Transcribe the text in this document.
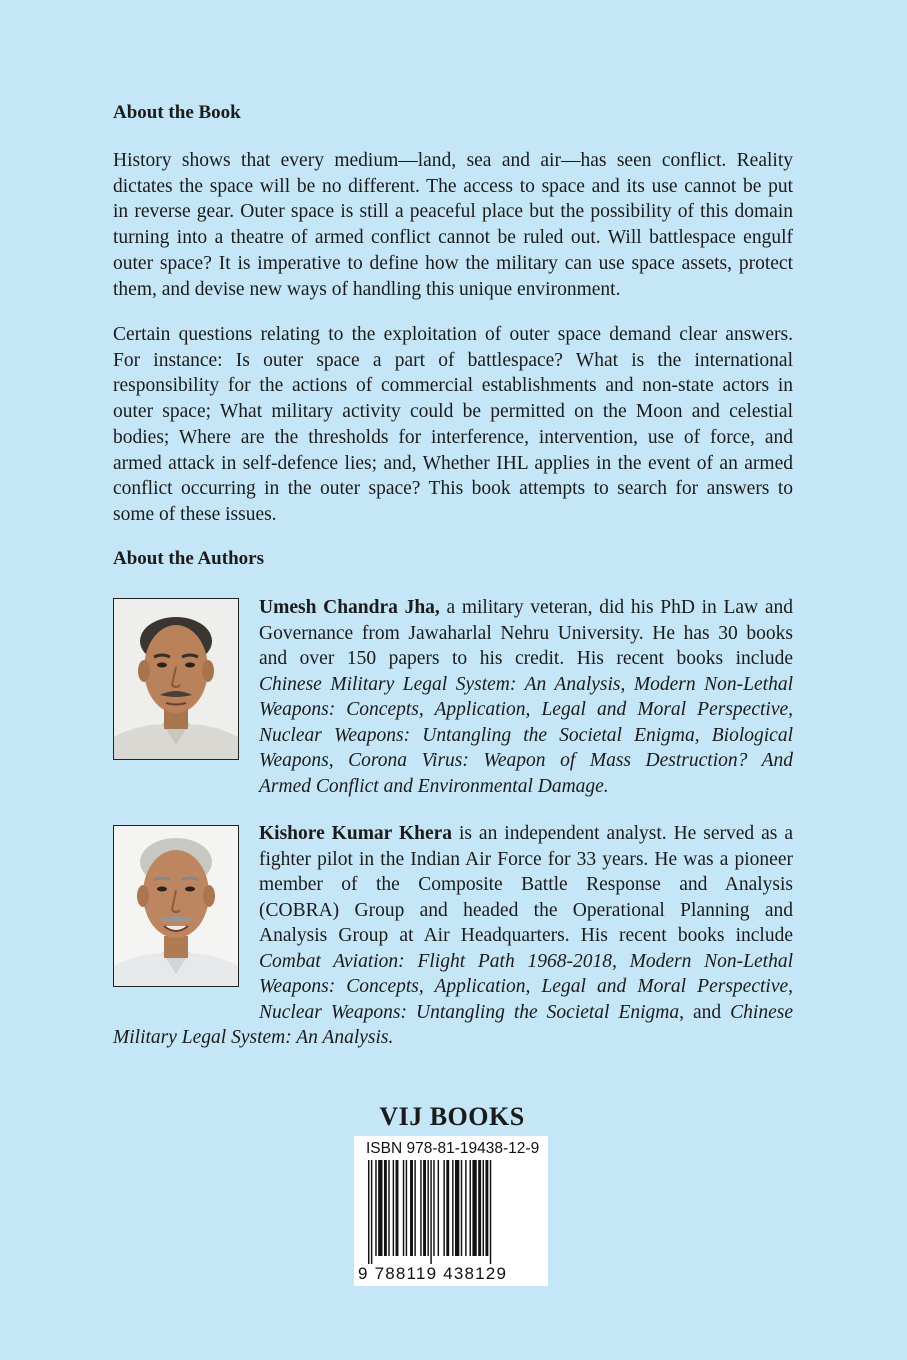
About the Book
History shows that every medium—land, sea and air—has seen conflict. Reality
dictates the space will be no different. The access to space and its use cannot be put
in reverse gear. Outer space is still a peaceful place but the possibility of this domain
turning into a theatre of armed conflict cannot be ruled out. Will battlespace engulf
outer space? It is imperative to define how the military can use space assets, protect
them, and devise new ways of handling this unique environment.
Certain questions relating to the exploitation of outer space demand clear answers.
For instance: Is outer space a part of battlespace? What is the international
responsibility for the actions of commercial establishments and non-state actors in
outer space; What military activity could be permitted on the Moon and celestial
bodies; Where are the thresholds for interference, intervention, use of force, and
armed attack in self-defence lies; and, Whether IHL applies in the event of an armed
conflict occurring in the outer space? This book attempts to search for answers to
some of these issues.
About the Authors
Umesh Chandra Jha, a military veteran, did his PhD in Law and
Governance from Jawaharlal Nehru University. He has 30 books
and over 150 papers to his credit. His recent books include
Chinese Military Legal System: An Analysis, Modern Non-Lethal
Weapons: Concepts, Application, Legal and Moral Perspective,
Nuclear Weapons: Untangling the Societal Enigma, Biological
Weapons, Corona Virus: Weapon of Mass Destruction? And
Armed Conflict and Environmental Damage.
Kishore Kumar Khera is an independent analyst. He served as a
fighter pilot in the Indian Air Force for 33 years. He was a pioneer
member of the Composite Battle Response and Analysis
(COBRA) Group and headed the Operational Planning and
Analysis Group at Air Headquarters. His recent books include
Combat Aviation: Flight Path 1968-2018, Modern Non-Lethal
Weapons: Concepts, Application, Legal and Moral Perspective,
Nuclear Weapons: Untangling the Societal Enigma, and Chinese
Military Legal System: An Analysis.
VIJ BOOKS
ISBN 978-81-19438-12-9
9 788119 438129
